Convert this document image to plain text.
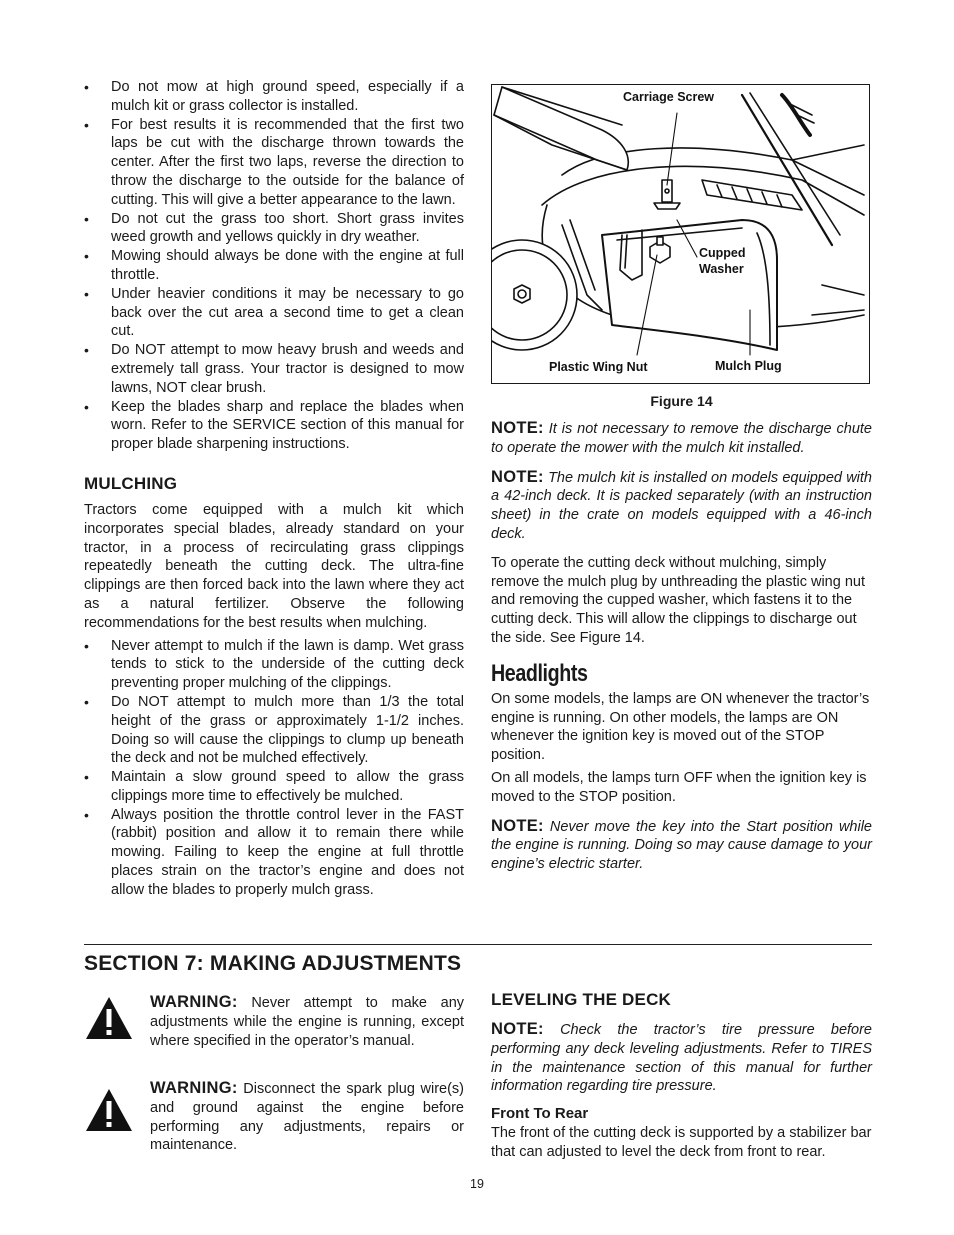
• Do not mow at high ground speed, especially if a mulch kit or grass collector is installed.
• For best results it is recommended that the first two laps be cut with the discharge thrown towards the center. After the first two laps, reverse the direction to throw the discharge to the outside for the balance of cutting. This will give a better appearance to the lawn.
• Do not cut the grass too short. Short grass invites weed growth and yellows quickly in dry weather.
• Mowing should always be done with the engine at full throttle.
• Under heavier conditions it may be necessary to go back over the cut area a second time to get a clean cut.
• Do NOT attempt to mow heavy brush and weeds and extremely tall grass. Your tractor is designed to mow lawns, NOT clear brush.
• Keep the blades sharp and replace the blades when worn. Refer to the SERVICE section of this manual for proper blade sharpening instructions.
MULCHING

Tractors come equipped with a mulch kit which incorporates special blades, already standard on your tractor, in a process of recirculating grass clippings repeatedly beneath the cutting deck. The ultra-fine clippings are then forced back into the lawn where they act as a natural fertilizer. Observe the following recommendations for the best results when mulching.

• Never attempt to mulch if the lawn is damp. Wet grass tends to stick to the underside of the cutting deck preventing proper mulching of the clippings.
• Do NOT attempt to mulch more than 1/3 the total height of the grass or approximately 1-1/2 inches. Doing so will cause the clippings to clump up beneath the deck and not be mulched effectively.
• Maintain a slow ground speed to allow the grass clippings more time to effectively be mulched.
• Always position the throttle control lever in the FAST (rabbit) position and allow it to remain there while mowing. Failing to keep the engine at full throttle places strain on the tractor’s engine and does not allow the blades to properly mulch grass.
Carriage Screw
Cupped
Washer
Plastic Wing Nut	Mulch Plug

Figure 14

NOTE: It is not necessary to remove the discharge chute to operate the mower with the mulch kit installed.

NOTE: The mulch kit is installed on models equipped with a 42-inch deck. It is packed separately (with an instruction sheet) in the crate on models equipped with a 46-inch deck.

To operate the cutting deck without mulching, simply remove the mulch plug by unthreading the plastic wing nut and removing the cupped washer, which fastens it to the cutting deck. This will allow the clippings to discharge out the side. See Figure 14.

Headlights

On some models, the lamps are ON whenever the tractor’s engine is running. On other models, the lamps are ON whenever the ignition key is moved out of the STOP position.

On all models, the lamps turn OFF when the ignition key is moved to the STOP position.

NOTE: Never move the key into the Start position while the engine is running. Doing so may cause damage to your engine’s electric starter.

SECTION 7: MAKING ADJUSTMENTS
WARNING: Never attempt to make any adjustments while the engine is running, except where specified in the operator’s manual.
WARNING: Disconnect the spark plug wire(s) and ground against the engine before performing any adjustments, repairs or maintenance.
LEVELING THE DECK

NOTE: Check the tractor’s tire pressure before performing any deck leveling adjustments. Refer to TIRES in the maintenance section of this manual for further information regarding tire pressure.

Front To Rear

The front of the cutting deck is supported by a stabilizer bar that can adjusted to level the deck from front to rear.

19
